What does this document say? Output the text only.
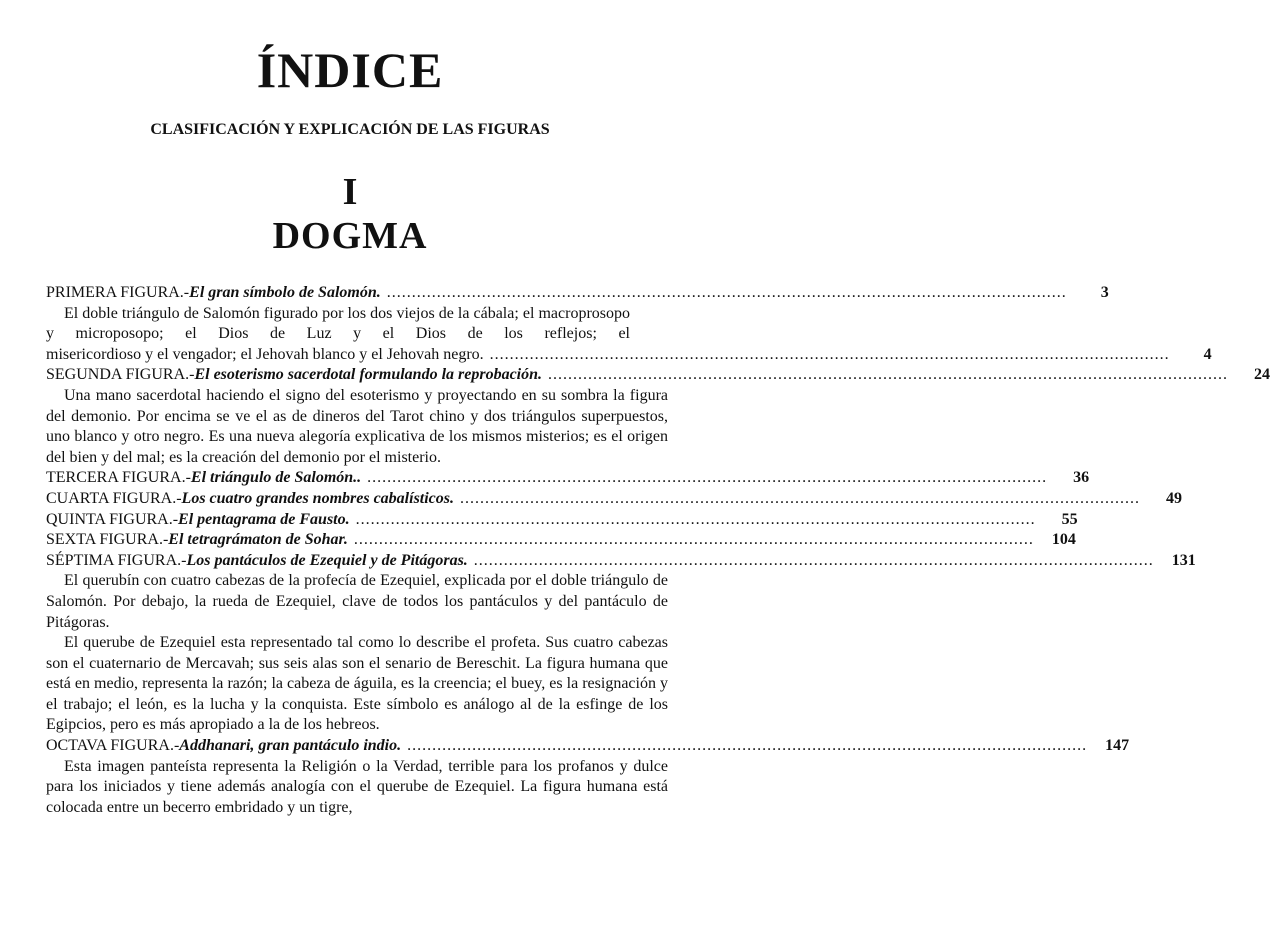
ÍNDICE
CLASIFICACIÓN Y EXPLICACIÓN DE LAS FIGURAS
I
DOGMA
PRIMERA FIGURA.- El gran símbolo de Salomón. ........................................................................................................................................	3

El doble triángulo de Salomón figurado por los dos viejos de la cábala; el macroprosopo y microposopo; el Dios de Luz y el Dios de los reflejos; el

misericordioso y el vengador; el Jehovah blanco y el Jehovah negro. ........................................................................................................................................	4
SEGUNDA FIGURA.- El esoterismo sacerdotal formulando la reprobación. ........................................................................................................................................	24

Una mano sacerdotal haciendo el signo del esoterismo y proyectando en su sombra la figura del demonio. Por encima se ve el as de dineros del Tarot chino y dos triángulos superpuestos, uno blanco y otro negro. Es una nueva alegoría explicativa de los mismos misterios; es el origen del bien y del mal; es la creación del demonio por el misterio.

TERCERA FIGURA.- El triángulo de Salomón.. ........................................................................................................................................	36
CUARTA FIGURA.- Los cuatro grandes nombres cabalísticos. ........................................................................................................................................	49
QUINTA FIGURA.- El pentagrama de Fausto. ........................................................................................................................................	55
SEXTA FIGURA.- El tetragrámaton de Sohar. ........................................................................................................................................	104
SÉPTIMA FIGURA.- Los pantáculos de Ezequiel y de Pitágoras. ........................................................................................................................................	131

El querubín con cuatro cabezas de la profecía de Ezequiel, explicada por el doble triángulo de Salomón. Por debajo, la rueda de Ezequiel, clave de todos los pantáculos y del pantáculo de Pitágoras.

El querube de Ezequiel esta representado tal como lo describe el profeta. Sus cuatro cabezas son el cuaternario de Mercavah; sus seis alas son el senario de Bereschit. La figura humana que está en medio, representa la razón; la cabeza de águila, es la creencia; el buey, es la resignación y el trabajo; el león, es la lucha y la conquista. Este símbolo es análogo al de la esfinge de los Egipcios, pero es más apropiado a la de los hebreos.

OCTAVA FIGURA.- Addhanari, gran pantáculo indio. ........................................................................................................................................	147

Esta imagen panteísta representa la Religión o la Verdad, terrible para los profanos y dulce para los iniciados y tiene además analogía con el querube de Ezequiel. La figura humana está colocada entre un becerro embridado y un tigre,
